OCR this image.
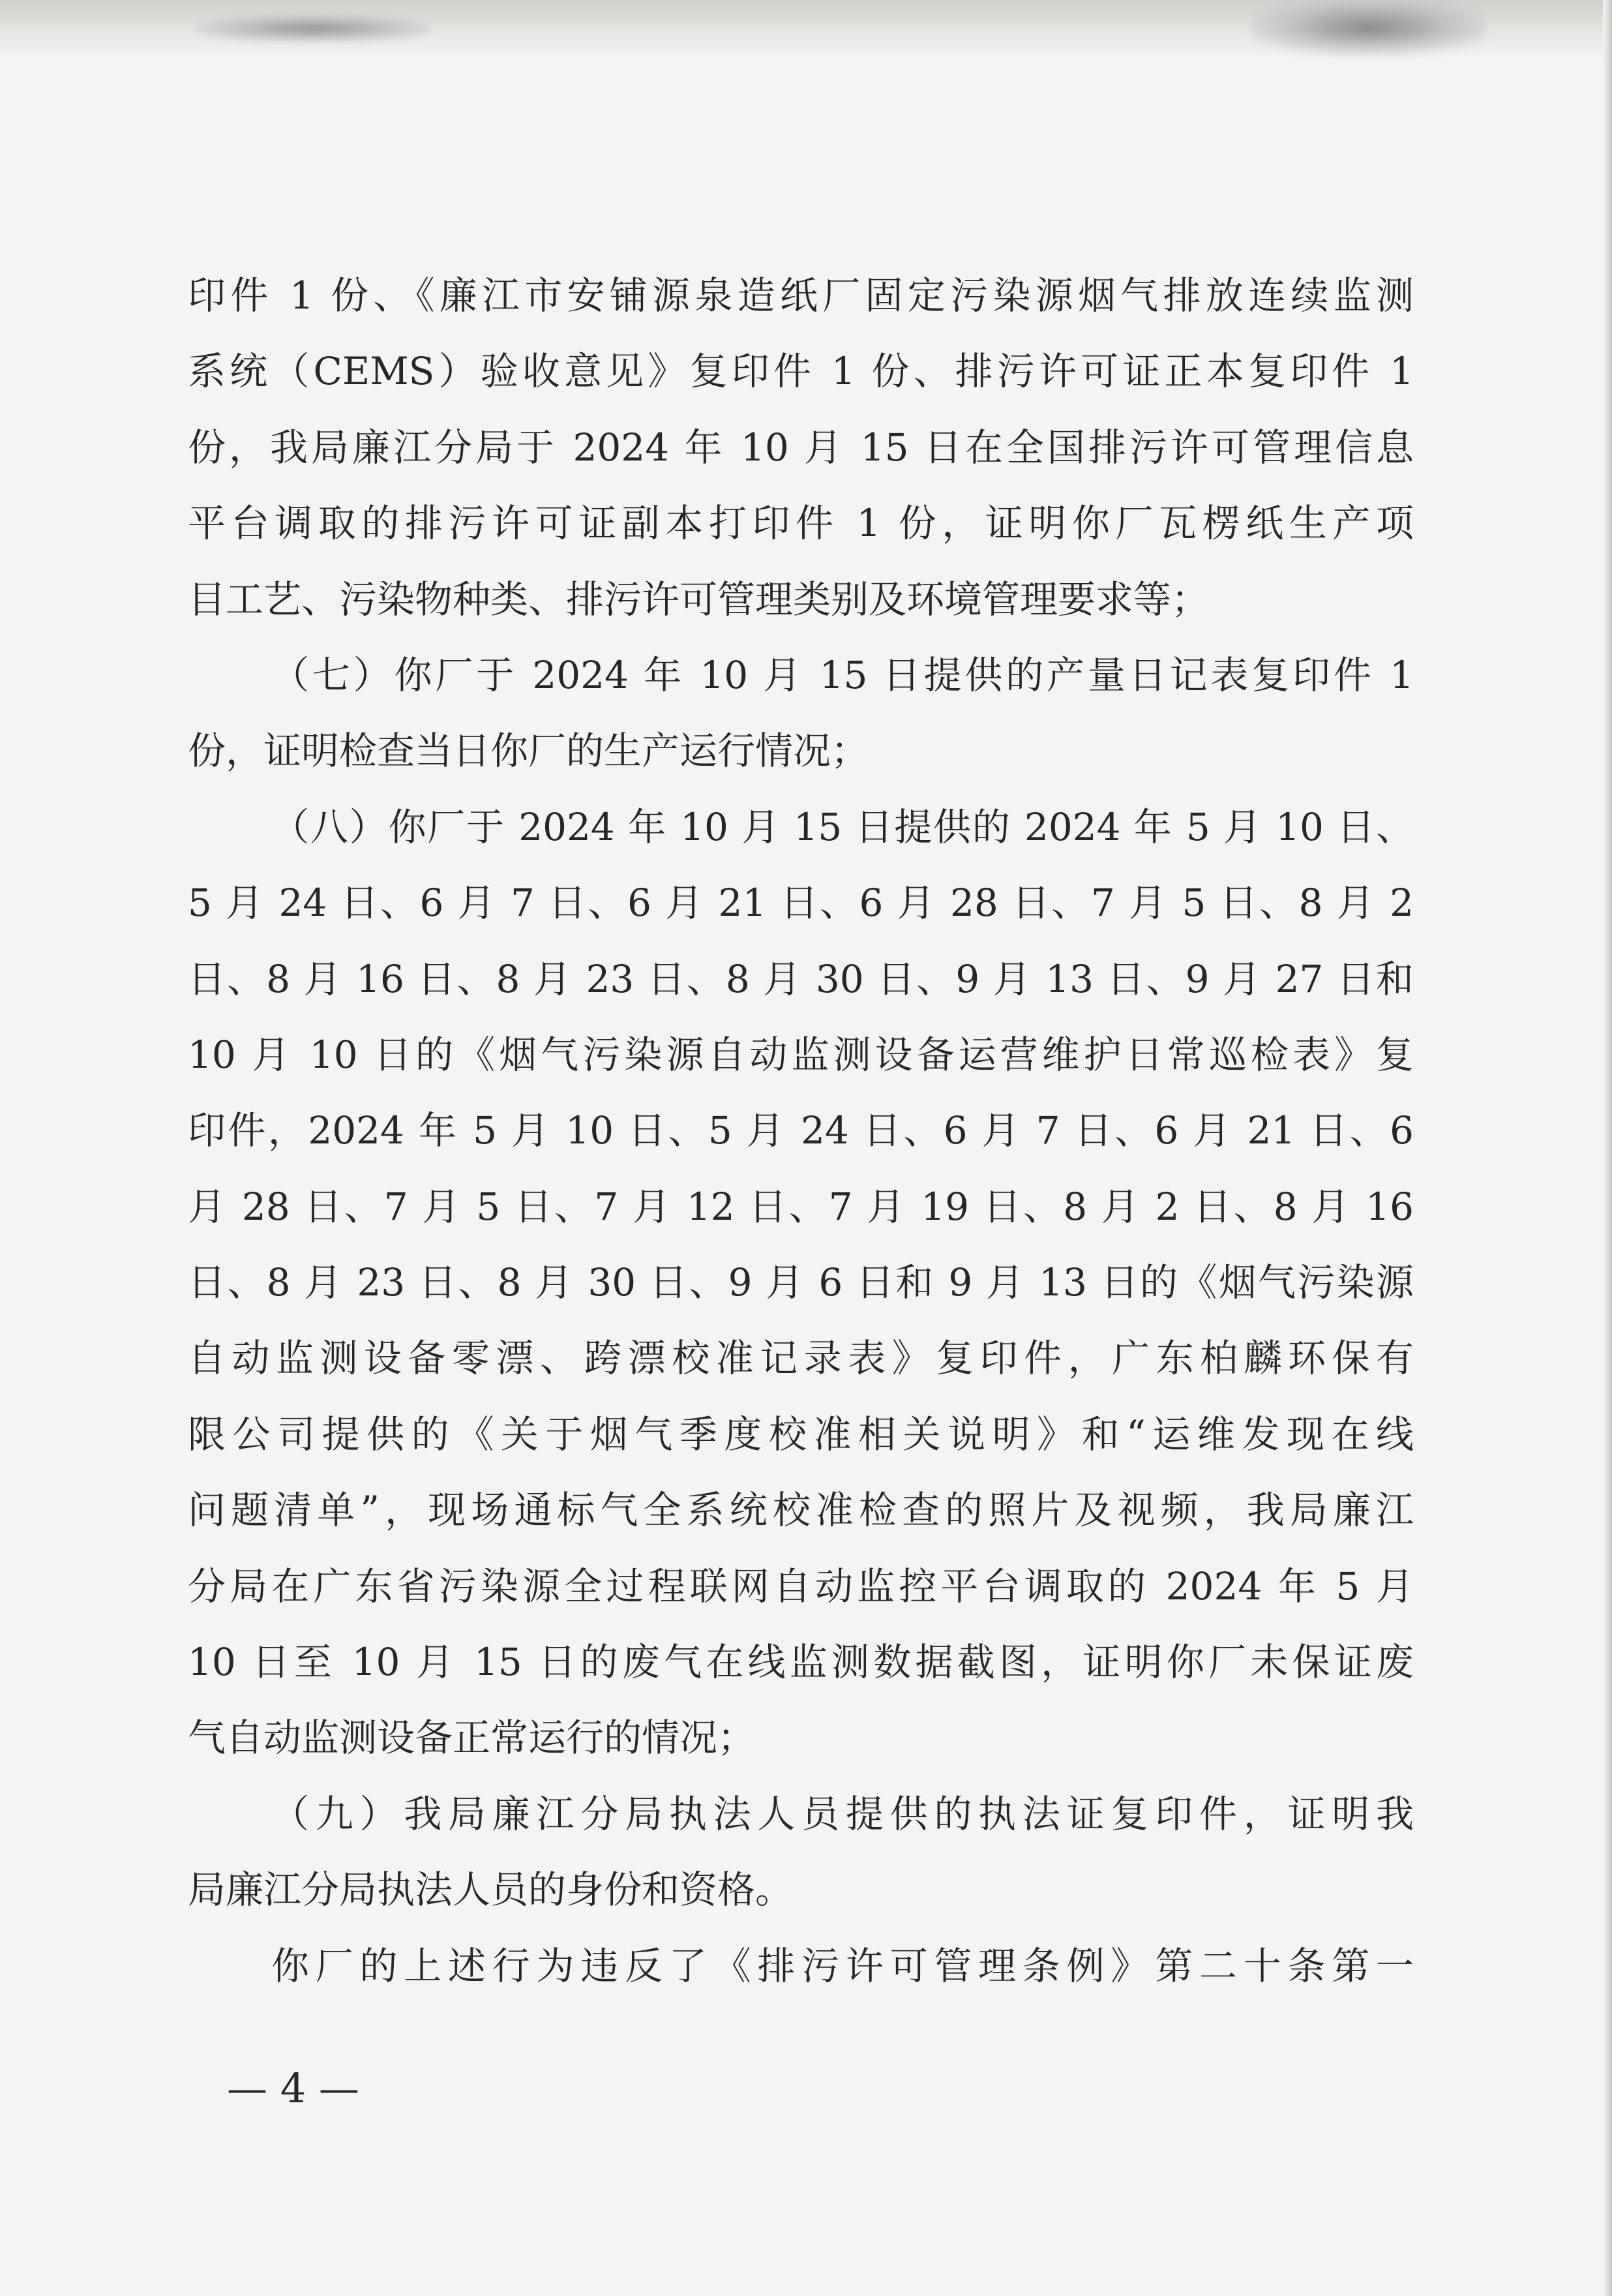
印件 1 份、《廉江市安铺源泉造纸厂固定污染源烟气排放连续监测
系统（CEMS）验收意见》复印件 1 份、排污许可证正本复印件 1
份，我局廉江分局于 2024 年 10 月 15 日在全国排污许可管理信息
平台调取的排污许可证副本打印件 1 份，证明你厂瓦楞纸生产项
目工艺、污染物种类、排污许可管理类别及环境管理要求等；
（七）你厂于 2024 年 10 月 15 日提供的产量日记表复印件 1
份，证明检查当日你厂的生产运行情况；
（八）你厂于 2024 年 10 月 15 日提供的 2024 年 5 月 10 日、
5 月 24 日、6 月 7 日、6 月 21 日、6 月 28 日、7 月 5 日、8 月 2
日、8 月 16 日、8 月 23 日、8 月 30 日、9 月 13 日、9 月 27 日和
10 月 10 日的《烟气污染源自动监测设备运营维护日常巡检表》复
印件，2024 年 5 月 10 日、5 月 24 日、6 月 7 日、6 月 21 日、6
月 28 日、7 月 5 日、7 月 12 日、7 月 19 日、8 月 2 日、8 月 16
日、8 月 23 日、8 月 30 日、9 月 6 日和 9 月 13 日的《烟气污染源
自动监测设备零漂、跨漂校准记录表》复印件，广东柏麟环保有
限公司提供的《关于烟气季度校准相关说明》和“运维发现在线
问题清单”，现场通标气全系统校准检查的照片及视频，我局廉江
分局在广东省污染源全过程联网自动监控平台调取的 2024 年 5 月
10 日至 10 月 15 日的废气在线监测数据截图，证明你厂未保证废
气自动监测设备正常运行的情况；
（九）我局廉江分局执法人员提供的执法证复印件，证明我
局廉江分局执法人员的身份和资格。
你厂的上述行为违反了《排污许可管理条例》第二十条第一
— 4 —
